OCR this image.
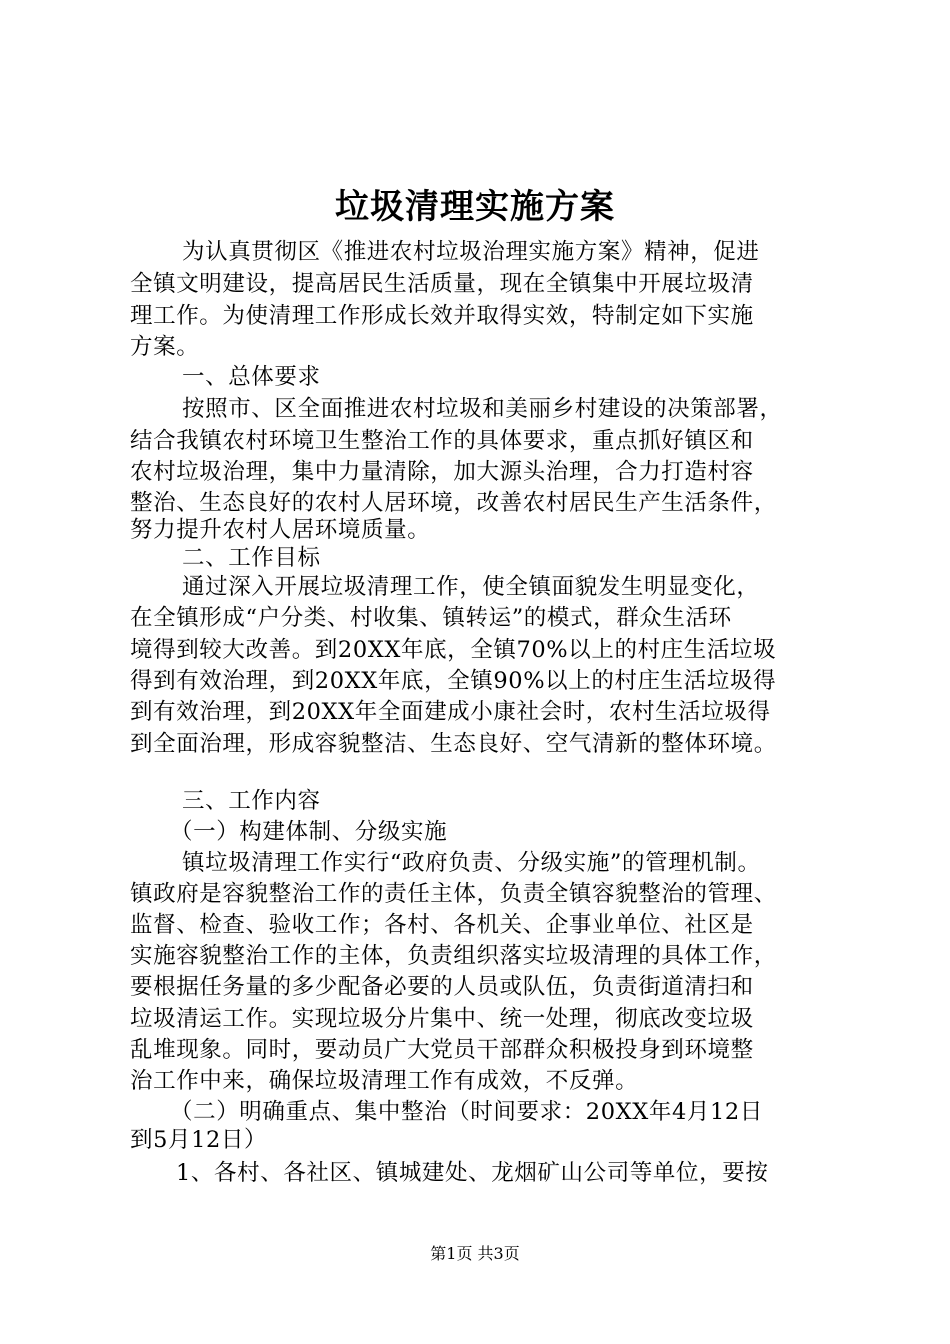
垃圾清理实施方案
为认真贯彻区《推进农村垃圾治理实施方案》精神，促进
全镇文明建设，提高居民生活质量，现在全镇集中开展垃圾清
理工作。为使清理工作形成长效并取得实效，特制定如下实施
方案。
一、总体要求
按照市、区全面推进农村垃圾和美丽乡村建设的决策部署，
结合我镇农村环境卫生整治工作的具体要求，重点抓好镇区和
农村垃圾治理，集中力量清除，加大源头治理，合力打造村容
整治、生态良好的农村人居环境，改善农村居民生产生活条件，
努力提升农村人居环境质量。
二、工作目标
通过深入开展垃圾清理工作，使全镇面貌发生明显变化，
在全镇形成“户分类、村收集、镇转运”的模式，群众生活环
境得到较大改善。到20XX年底，全镇70%以上的村庄生活垃圾
得到有效治理，到20XX年底，全镇90%以上的村庄生活垃圾得
到有效治理，到20XX年全面建成小康社会时，农村生活垃圾得
到全面治理，形成容貌整洁、生态良好、空气清新的整体环境。
三、工作内容
（一）构建体制、分级实施
镇垃圾清理工作实行“政府负责、分级实施”的管理机制。
镇政府是容貌整治工作的责任主体，负责全镇容貌整治的管理、
监督、检查、验收工作；各村、各机关、企事业单位、社区是
实施容貌整治工作的主体，负责组织落实垃圾清理的具体工作，
要根据任务量的多少配备必要的人员或队伍，负责街道清扫和
垃圾清运工作。实现垃圾分片集中、统一处理，彻底改变垃圾
乱堆现象。同时，要动员广大党员干部群众积极投身到环境整
治工作中来，确保垃圾清理工作有成效，不反弹。
（二）明确重点、集中整治（时间要求：20XX年4月12日
到5月12日）
1、各村、各社区、镇城建处、龙烟矿山公司等单位，要按
第1页 共3页
